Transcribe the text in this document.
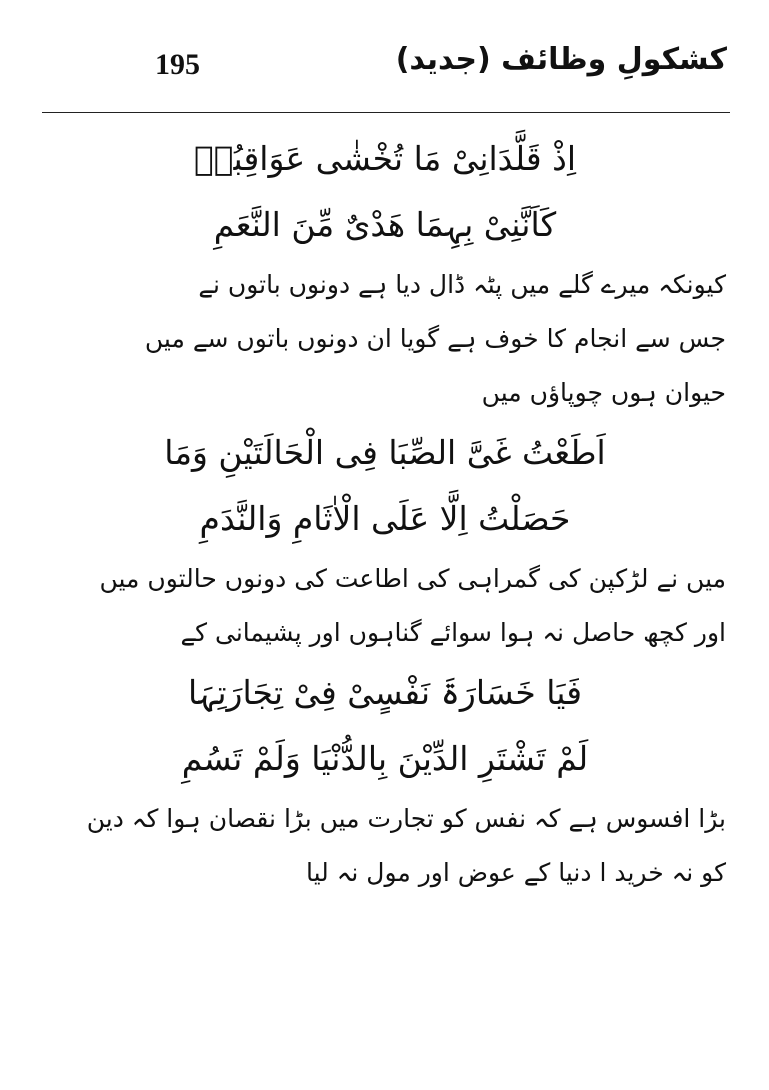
195	کشکولِ وظائف (جدید)
اِذْ قَلَّدَانِیْ مَا تُخْشٰی عَوَاقِبُہٗ
کَاَنَّنِیْ بِہِمَا ھَدْیٌ مِّنَ النَّعَمِ
کیونکہ میرے گلے میں پٹہ ڈال دیا ہے دونوں باتوں نے
جس سے انجام کا خوف ہے گویا ان دونوں باتوں سے میں
حیوان ہوں چوپاؤں میں
اَطَعْتُ غَیَّ الصِّبَا فِی الْحَالَتَیْنِ وَمَا
حَصَلْتُ اِلَّا عَلَی الْاٰثَامِ وَالنَّدَمِ
میں نے لڑکپن کی گمراہی کی اطاعت کی دونوں حالتوں میں
اور کچھ حاصل نہ ہوا سوائے گناہوں اور پشیمانی کے
فَیَا خَسَارَۃَ نَفْسٍیْ فِیْ تِجَارَتِہَا
لَمْ تَشْتَرِ الدِّیْنَ بِالدُّنْیَا وَلَمْ تَسُمِ
بڑا افسوس ہے کہ نفس کو تجارت میں بڑا نقصان ہوا کہ دین
کو نہ خرید ا دنیا کے عوض اور مول نہ لیا
